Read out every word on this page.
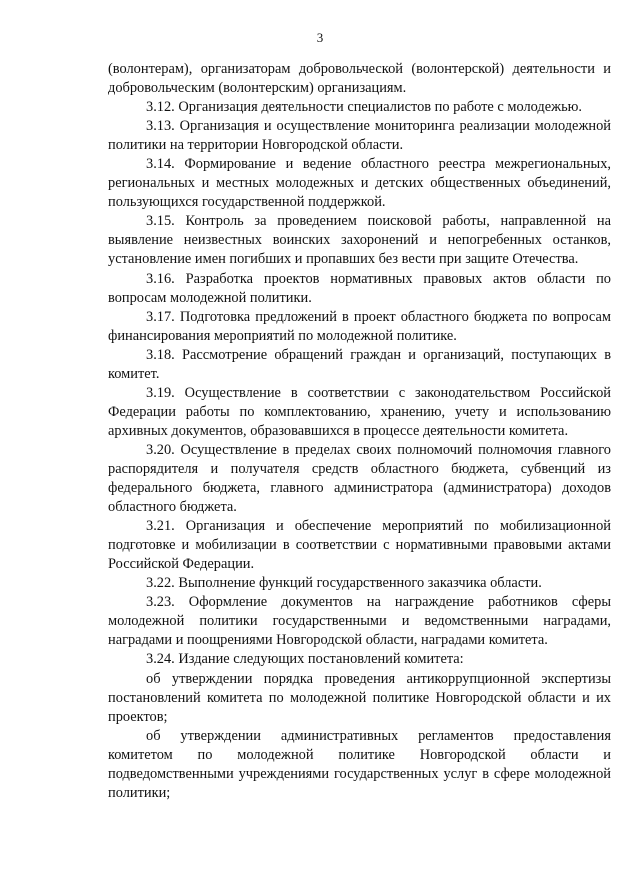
3

(волонтерам), организаторам добровольческой (волонтерской) деятельности и добровольческим (волонтерским) организациям.

3.12. Организация деятельности специалистов по работе с молодежью.

3.13. Организация и осуществление мониторинга реализации молодежной политики на территории Новгородской области.

3.14. Формирование и ведение областного реестра межрегиональных, региональных и местных молодежных и детских общественных объединений, пользующихся государственной поддержкой.

3.15. Контроль за проведением поисковой работы, направленной на выявление неизвестных воинских захоронений и непогребенных останков, установление имен погибших и пропавших без вести при защите Отечества.

3.16. Разработка проектов нормативных правовых актов области по вопросам молодежной политики.

3.17. Подготовка предложений в проект областного бюджета по вопросам финансирования мероприятий по молодежной политике.

3.18. Рассмотрение обращений граждан и организаций, поступающих в комитет.

3.19. Осуществление в соответствии с законодательством Российской Федерации работы по комплектованию, хранению, учету и использованию архивных документов, образовавшихся в процессе деятельности комитета.

3.20. Осуществление в пределах своих полномочий полномочия главного распорядителя и получателя средств областного бюджета, субвенций из федерального бюджета, главного администратора (администратора) доходов областного бюджета.

3.21. Организация и обеспечение мероприятий по мобилизационной подготовке и мобилизации в соответствии с нормативными правовыми актами Российской Федерации.

3.22. Выполнение функций государственного заказчика области.

3.23. Оформление документов на награждение работников сферы молодежной политики государственными и ведомственными наградами, наградами и поощрениями Новгородской области, наградами комитета.

3.24. Издание следующих постановлений комитета:

об утверждении порядка проведения антикоррупционной экспертизы постановлений комитета по молодежной политике Новгородской области и их проектов;

об утверждении административных регламентов предоставления комитетом по молодежной политике Новгородской области и подведомственными учреждениями государственных услуг в сфере молодежной политики;
